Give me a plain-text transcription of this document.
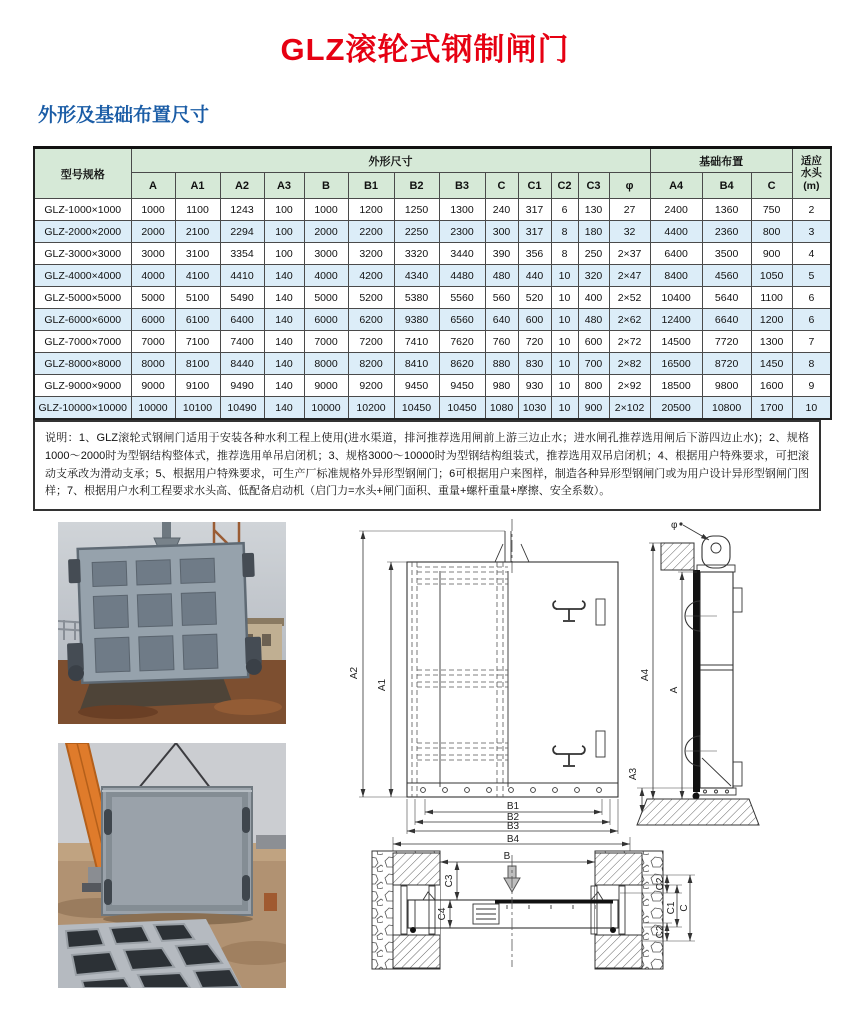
GLZ滚轮式钢制闸门
外形及基础布置尺寸
型号规格	外形尺寸													基础布置			适应
水头
(m)

	A	A1	A2	A3	B	B1	B2	B3	C	C1	C2	C3	φ	A4	B4	C	
GLZ-1000×1000	1000	1100	1243	100	1000	1200	1250	1300	240	317	6	130	27	2400	1360	750	2
GLZ-2000×2000	2000	2100	2294	100	2000	2200	2250	2300	300	317	8	180	32	4400	2360	800	3
GLZ-3000×3000	3000	3100	3354	100	3000	3200	3320	3440	390	356	8	250	2×37	6400	3500	900	4
GLZ-4000×4000	4000	4100	4410	140	4000	4200	4340	4480	480	440	10	320	2×47	8400	4560	1050	5
GLZ-5000×5000	5000	5100	5490	140	5000	5200	5380	5560	560	520	10	400	2×52	10400	5640	1100	6
GLZ-6000×6000	6000	6100	6400	140	6000	6200	9380	6560	640	600	10	480	2×62	12400	6640	1200	6
GLZ-7000×7000	7000	7100	7400	140	7000	7200	7410	7620	760	720	10	600	2×72	14500	7720	1300	7
GLZ-8000×8000	8000	8100	8440	140	8000	8200	8410	8620	880	830	10	700	2×82	16500	8720	1450	8
GLZ-9000×9000	9000	9100	9490	140	9000	9200	9450	9450	980	930	10	800	2×92	18500	9800	1600	9
GLZ-10000×10000	10000	10100	10490	140	10000	10200	10450	10450	1080	1030	10	900	2×102	20500	10800	1700	10
说明：1、GLZ滚轮式钢闸门适用于安装各种水利工程上使用(进水渠道，排河推荐选用闸前上游三边止水；进水闸孔推荐选用闸后下游四边止水)；2、规格1000～2000时为型钢结构整体式，推荐选用单吊启闭机；3、规格3000～10000时为型钢结构组装式，推荐选用双吊启闭机；4、根据用户特殊要求，可把滚动支承改为滑动支承；5、根据用户特殊要求，可生产厂标准规格外异形型钢闸门；6可根据用户来图样，制造各种异形型钢闸门或为用户设计异形型钢闸门图样；7、根据用户水利工程要求水头高、低配备启动机（启门力=水头+闸门面积、重量+螺杆重量+摩擦、安全系数）。
A2
A1
B1
B2
B3
B4
φ
A4
A
A3
B
C3
C4
C2
C2
C1 C
